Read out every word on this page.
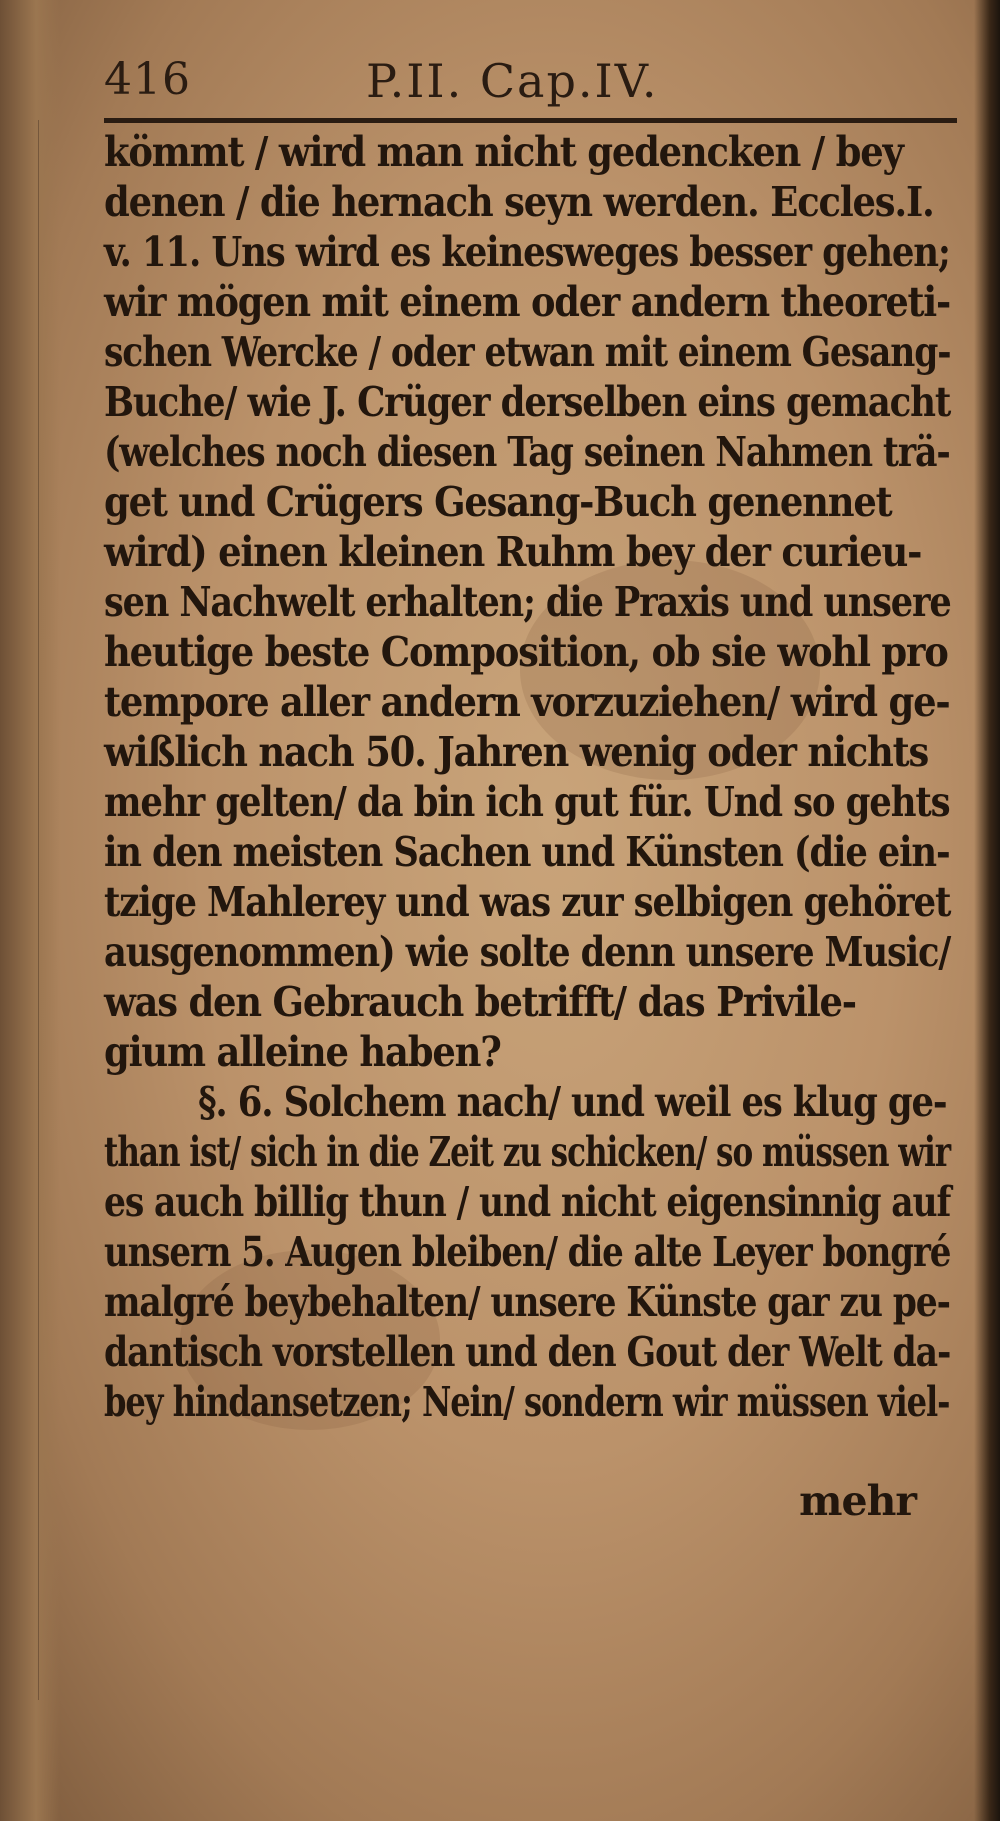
416	P.II. Cap.IV.
kömmt / wird man nicht gedencken / bey
denen / die hernach seyn werden. Eccles.I.
v. 11. Uns wird es keinesweges besser gehen;
wir mögen mit einem oder andern theoreti-
schen Wercke / oder etwan mit einem Gesang-
Buche/ wie J. Crüger derselben eins gemacht
(welches noch diesen Tag seinen Nahmen trä-
get und Crügers Gesang-Buch genennet
wird) einen kleinen Ruhm bey der curieu-
sen Nachwelt erhalten; die Praxis und unsere
heutige beste Composition, ob sie wohl pro
tempore aller andern vorzuziehen/ wird ge-
wißlich nach 50. Jahren wenig oder nichts
mehr gelten/ da bin ich gut für. Und so gehts
in den meisten Sachen und Künsten (die ein-
tzige Mahlerey und was zur selbigen gehöret
ausgenommen) wie solte denn unsere Music/
was den Gebrauch betrifft/ das Privile-
gium alleine haben?
§. 6. Solchem nach/ und weil es klug ge-
than ist/ sich in die Zeit zu schicken/ so müssen wir
es auch billig thun / und nicht eigensinnig auf
unsern 5. Augen bleiben/ die alte Leyer bongré
malgré beybehalten/ unsere Künste gar zu pe-
dantisch vorstellen und den Gout der Welt da-
bey hindansetzen; Nein/ sondern wir müssen viel-
mehr
